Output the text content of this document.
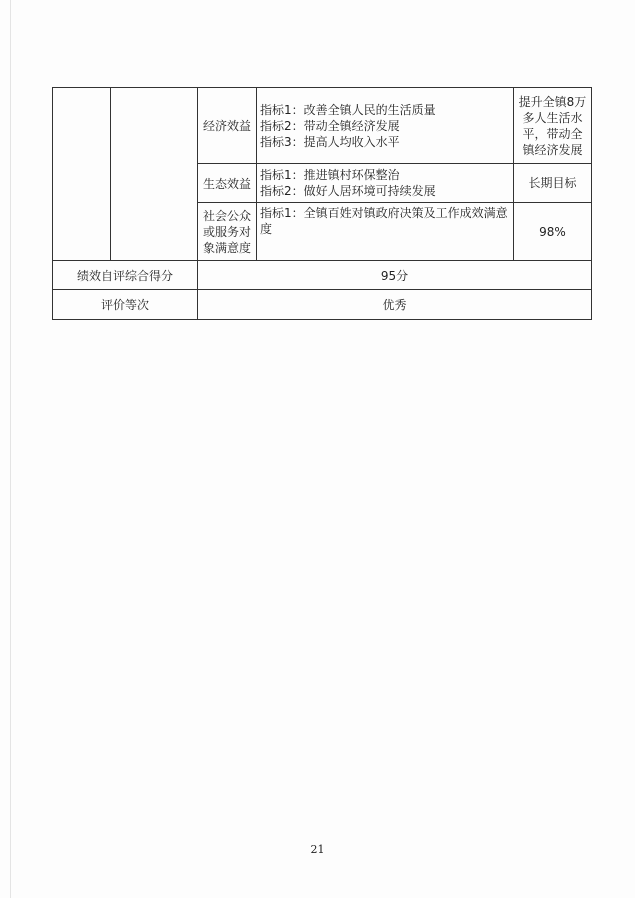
		经济效益	指标1：改善全镇人民的生活质量
指标2：带动全镇经济发展
指标3：提高人均收入水平	提升全镇8万多人生活水平，带动全镇经济发展
		生态效益	指标1：推进镇村环保整治
指标2：做好人居环境可持续发展	长期目标
		社会公众或服务对象满意度	指标1：全镇百姓对镇政府决策及工作成效满意度	98%
绩效自评综合得分		95分		
评价等次		优秀		
21
